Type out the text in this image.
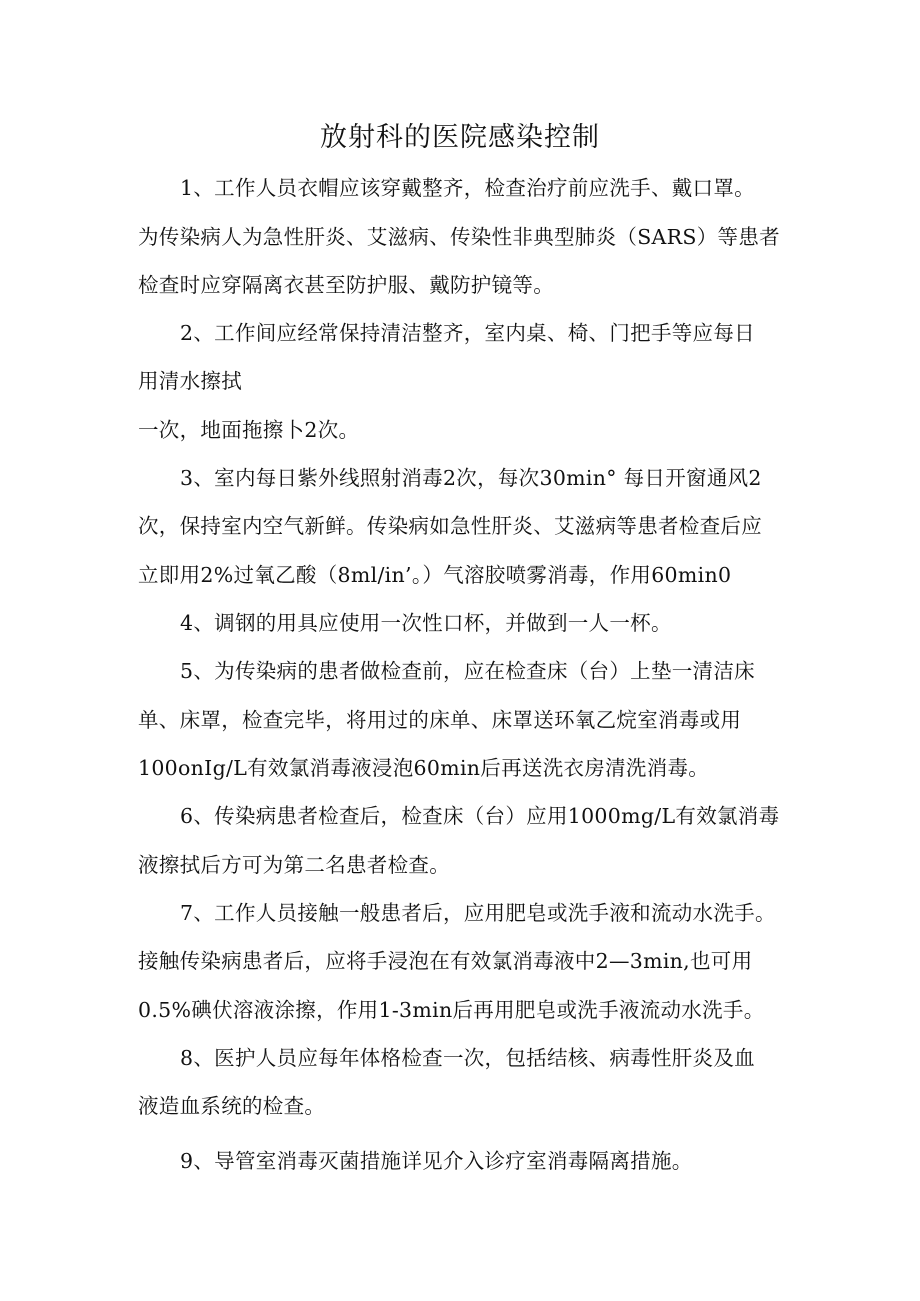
放射科的医院感染控制
1、工作人员衣帽应该穿戴整齐，检查治疗前应洗手、戴口罩。
为传染病人为急性肝炎、艾滋病、传染性非典型肺炎（SARS）等患者
检查时应穿隔离衣甚至防护服、戴防护镜等。
2、工作间应经常保持清洁整齐，室内桌、椅、门把手等应每日
用清水擦拭
一次，地面拖擦卜2次。
3、室内每日紫外线照射消毒2次，每次30min° 每日开窗通风2
次，保持室内空气新鲜。传染病如急性肝炎、艾滋病等患者检查后应
立即用2%过氧乙酸（8ml/in’。）气溶胶喷雾消毒，作用60min0
4、调钢的用具应使用一次性口杯，并做到一人一杯。
5、为传染病的患者做检查前，应在检查床（台）上垫一清洁床
单、床罩，检查完毕，将用过的床单、床罩送环氧乙烷室消毒或用
100onIg/L有效氯消毒液浸泡60min后再送洗衣房清洗消毒。
6、传染病患者检查后，检查床（台）应用1000mg/L有效氯消毒
液擦拭后方可为第二名患者检查。
7、工作人员接触一般患者后，应用肥皂或洗手液和流动水洗手。
接触传染病患者后，应将手浸泡在有效氯消毒液中2—3min,也可用
0.5%碘伏溶液涂擦，作用1-3min后再用肥皂或洗手液流动水洗手。
8、医护人员应每年体格检查一次，包括结核、病毒性肝炎及血
液造血系统的检查。
9、导管室消毒灭菌措施详见介入诊疗室消毒隔离措施。
